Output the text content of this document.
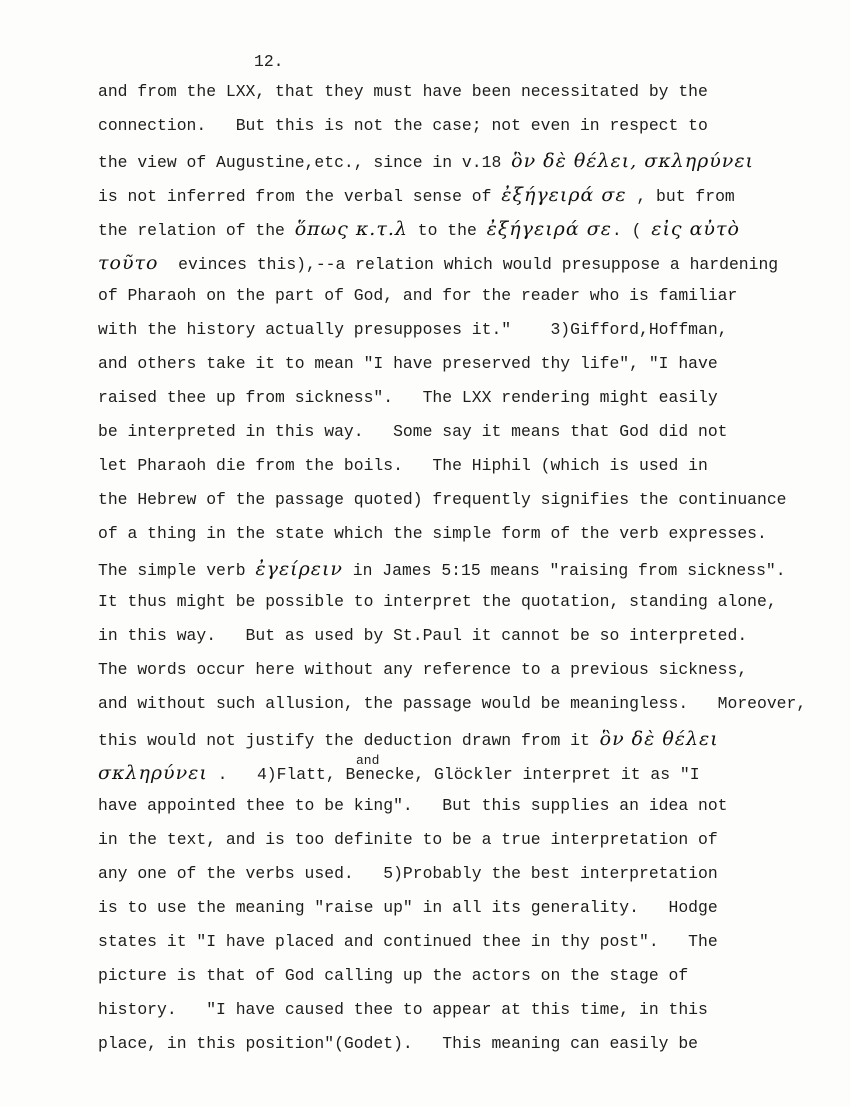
12.
and from the LXX, that they must have been necessitated by the
connection.   But this is not the case; not even in respect to
the view of Augustine,etc., since in v.18 ὃν δὲ θέλει, σκληρύνει
is not inferred from the verbal sense of ἐξήγειρά σε , but from
the relation of the ὅπως κ.τ.λ to the ἐξήγειρά σε. ( εἰς αὐτὸ
τοῦτο  evinces this),--a relation which would presuppose a hardening
of Pharaoh on the part of God, and for the reader who is familiar
with the history actually presupposes it."    3)Gifford,Hoffman,
and others take it to mean "I have preserved thy life", "I have
raised thee up from sickness".   The LXX rendering might easily
be interpreted in this way.   Some say it means that God did not
let Pharaoh die from the boils.   The Hiphil (which is used in
the Hebrew of the passage quoted) frequently signifies the continuance
of a thing in the state which the simple form of the verb expresses.
The simple verb ἐγείρειν in James 5:15 means "raising from sickness".
It thus might be possible to interpret the quotation, standing alone,
in this way.   But as used by St.Paul it cannot be so interpreted.
The words occur here without any reference to a previous sickness,
and without such allusion, the passage would be meaningless.   Moreover,
this would not justify the deduction drawn from it ὃν δὲ θέλει
σκληρύνει .   4)Flatt, Benecke,
and
Glöckler interpret it as "I
have appointed thee to be king".   But this supplies an idea not
in the text, and is too definite to be a true interpretation of
any one of the verbs used.   5)Probably the best interpretation
is to use the meaning "raise up" in all its generality.   Hodge
states it "I have placed and continued thee in thy post".   The
picture is that of God calling up the actors on the stage of
history.   "I have caused thee to appear at this time, in this
place, in this position"(Godet).   This meaning can easily be
